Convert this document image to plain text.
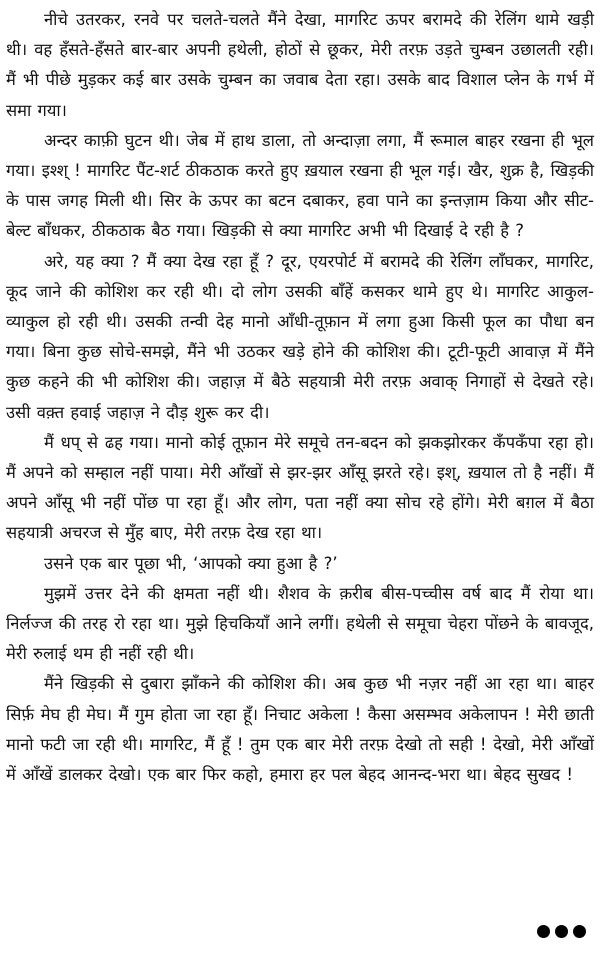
नीचे उतरकर, रनवे पर चलते-चलते मैंने देखा, मागरिट ऊपर बरामदे की रेलिंग थामे खड़ी थी। वह हँसते-हँसते बार-बार अपनी हथेली, होठों से छूकर, मेरी तरफ़ उड़ते चुम्बन उछालती रही। मैं भी पीछे मुड़कर कई बार उसके चुम्बन का जवाब देता रहा। उसके बाद विशाल प्लेन के गर्भ में समा गया।

अन्दर काफ़ी घुटन थी। जेब में हाथ डाला, तो अन्दाज़ा लगा, मैं रूमाल बाहर रखना ही भूल गया। इश्श् ! मागरिट पैंट-शर्ट ठीकठाक करते हुए ख़याल रखना ही भूल गई। खैर, शुक्र है, खिड़की के पास जगह मिली थी। सिर के ऊपर का बटन दबाकर, हवा पाने का इन्तज़ाम किया और सीट-बेल्ट बाँधकर, ठीकठाक बैठ गया। खिड़की से क्या मागरिट अभी भी दिखाई दे रही है ?

अरे, यह क्या ? मैं क्या देख रहा हूँ ? दूर, एयरपोर्ट में बरामदे की रेलिंग लाँघकर, मागरिट, कूद जाने की कोशिश कर रही थी। दो लोग उसकी बाँहें कसकर थामे हुए थे। मागरिट आकुल-व्याकुल हो रही थी। उसकी तन्वी देह मानो आँधी-तूफ़ान में लगा हुआ किसी फूल का पौधा बन गया। बिना कुछ सोचे-समझे, मैंने भी उठकर खड़े होने की कोशिश की। टूटी-फूटी आवाज़ में मैंने कुछ कहने की भी कोशिश की। जहाज़ में बैठे सहयात्री मेरी तरफ़ अवाक् निगाहों से देखते रहे। उसी वक़्त हवाई जहाज़ ने दौड़ शुरू कर दी।

मैं धप् से ढह गया। मानो कोई तूफ़ान मेरे समूचे तन-बदन को झकझोरकर कँपकँपा रहा हो। मैं अपने को सम्हाल नहीं पाया। मेरी आँखों से झर-झर आँसू झरते रहे। इश्, ख़याल तो है नहीं। मैं अपने आँसू भी नहीं पोंछ पा रहा हूँ। और लोग, पता नहीं क्या सोच रहे होंगे। मेरी बग़ल में बैठा सहयात्री अचरज से मुँह बाए, मेरी तरफ़ देख रहा था।

उसने एक बार पूछा भी, ‘आपको क्या हुआ है ?’

मुझमें उत्तर देने की क्षमता नहीं थी। शैशव के क़रीब बीस-पच्चीस वर्ष बाद मैं रोया था। निर्लज्ज की तरह रो रहा था। मुझे हिचकियाँ आने लगीं। हथेली से समूचा चेहरा पोंछने के बावजूद, मेरी रुलाई थम ही नहीं रही थी।

मैंने खिड़की से दुबारा झाँकने की कोशिश की। अब कुछ भी नज़र नहीं आ रहा था। बाहर सिर्फ़ मेघ ही मेघ। मैं गुम होता जा रहा हूँ। निचाट अकेला ! कैसा असम्भव अकेलापन ! मेरी छाती मानो फटी जा रही थी। मागरिट, मैं हूँ ! तुम एक बार मेरी तरफ़ देखो तो सही ! देखो, मेरी आँखों में आँखें डालकर देखो। एक बार फिर कहो, हमारा हर पल बेहद आनन्द-भरा था। बेहद सुखद !
